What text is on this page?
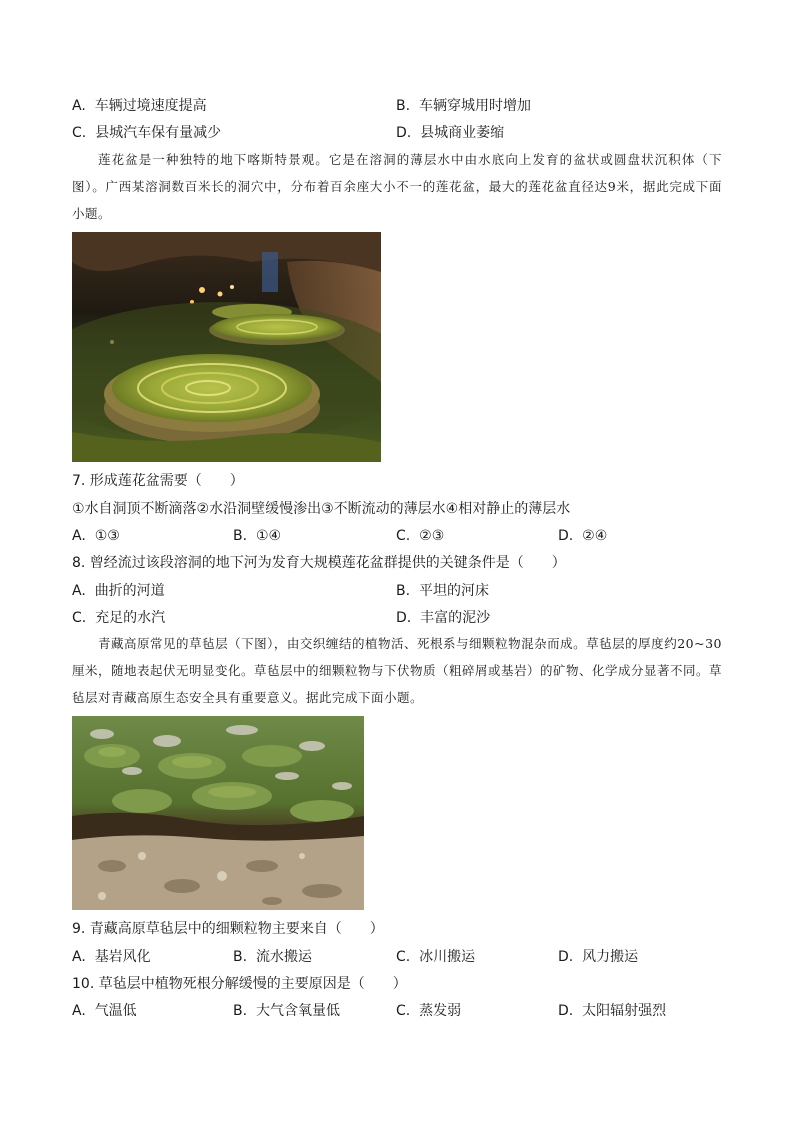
A. 车辆过境速度提高	B. 车辆穿城用时增加
C. 县城汽车保有量减少	D. 县城商业萎缩
莲花盆是一种独特的地下喀斯特景观。它是在溶洞的薄层水中由水底向上发育的盆状或圆盘状沉积体（下图）。广西某溶洞数百米长的洞穴中，分布着百余座大小不一的莲花盆，最大的莲花盆直径达9米，据此完成下面小题。
7. 形成莲花盆需要（　　）
①水自洞顶不断滴落②水沿洞壁缓慢渗出③不断流动的薄层水④相对静止的薄层水
A. ①③	B. ①④	C. ②③	D. ②④
8. 曾经流过该段溶洞的地下河为发育大规模莲花盆群提供的关键条件是（　　）
A. 曲折的河道	B. 平坦的河床
C. 充足的水汽	D. 丰富的泥沙
青藏高原常见的草毡层（下图），由交织缠结的植物活、死根系与细颗粒物混杂而成。草毡层的厚度约20~30厘米，随地表起伏无明显变化。草毡层中的细颗粒物与下伏物质（粗碎屑或基岩）的矿物、化学成分显著不同。草毡层对青藏高原生态安全具有重要意义。据此完成下面小题。
9. 青藏高原草毡层中的细颗粒物主要来自（　　）
A. 基岩风化	B. 流水搬运	C. 冰川搬运	D. 风力搬运
10. 草毡层中植物死根分解缓慢的主要原因是（　　）
A. 气温低	B. 大气含氧量低	C. 蒸发弱	D. 太阳辐射强烈
